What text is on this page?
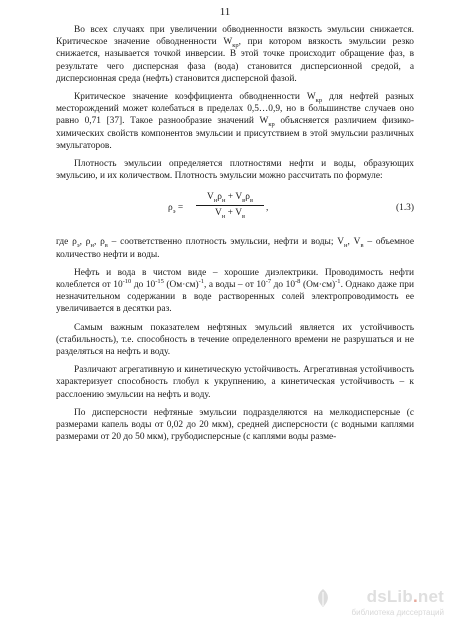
11

Во всех случаях при увеличении обводненности вязкость эмульсии снижается. Критическое значение обводненности $W_{кр}$, при котором вязкость эмульсии резко снижается, называется точкой инверсии. В этой точке происходит обращение фаз, в результате чего дисперсная фаза (вода) становится дисперсионной средой, а дисперсионная среда (нефть) становится дисперсной фазой.

Критическое значение коэффициента обводненности $W_{кр}$ для нефтей разных месторождений может колебаться в пределах 0,5…0,9, но в большинстве случаев оно равно 0,71 [37]. Такое разнообразие значений $W_{кр}$ объясняется различием физико-химических свойств компонентов эмульсии и присутствием в этой эмульсии различных эмульгаторов.

Плотность эмульсии определяется плотностями нефти и воды, образующих эмульсию, и их количеством. Плотность эмульсии можно рассчитать по формуле:

$\rho_э$ =
$V_н\rho_н + V_в\rho_в$
$V_н + V_в$
,	(1.3)

где $\rho_э$, $\rho_н$, $\rho_в$ – соответственно плотность эмульсии, нефти и воды; $V_н$, $V_в$ – объемное количество нефти и воды.

Нефть и вода в чистом виде – хорошие диэлектрики. Проводимость нефти колеблется от $10^{-10}$ до $10^{-15}$ $(Ом\cdot см)^{-1}$, а воды – от $10^{-7}$ до $10^{-8}$ $(Ом\cdot см)^{-1}$. Однако даже при незначительном содержании в воде растворенных солей электропроводимость ее увеличивается в десятки раз.

Самым важным показателем нефтяных эмульсий является их устойчивость (стабильность), т.е. способность в течение определенного времени не разрушаться и не разделяться на нефть и воду.

Различают агрегативную и кинетическую устойчивость. Агрегативная устойчивость характеризует способность глобул к укрупнению, а кинетическая устойчивость – к расслоению эмульсии на нефть и воду.

По дисперсности нефтяные эмульсии подразделяются на мелкодисперсные (с размерами капель воды от 0,02 до 20 мкм), средней дисперсности (с водными каплями размерами от 20 до 50 мкм), грубодисперсные (с каплями воды разме-

dsLib.net
библиотека диссертаций
